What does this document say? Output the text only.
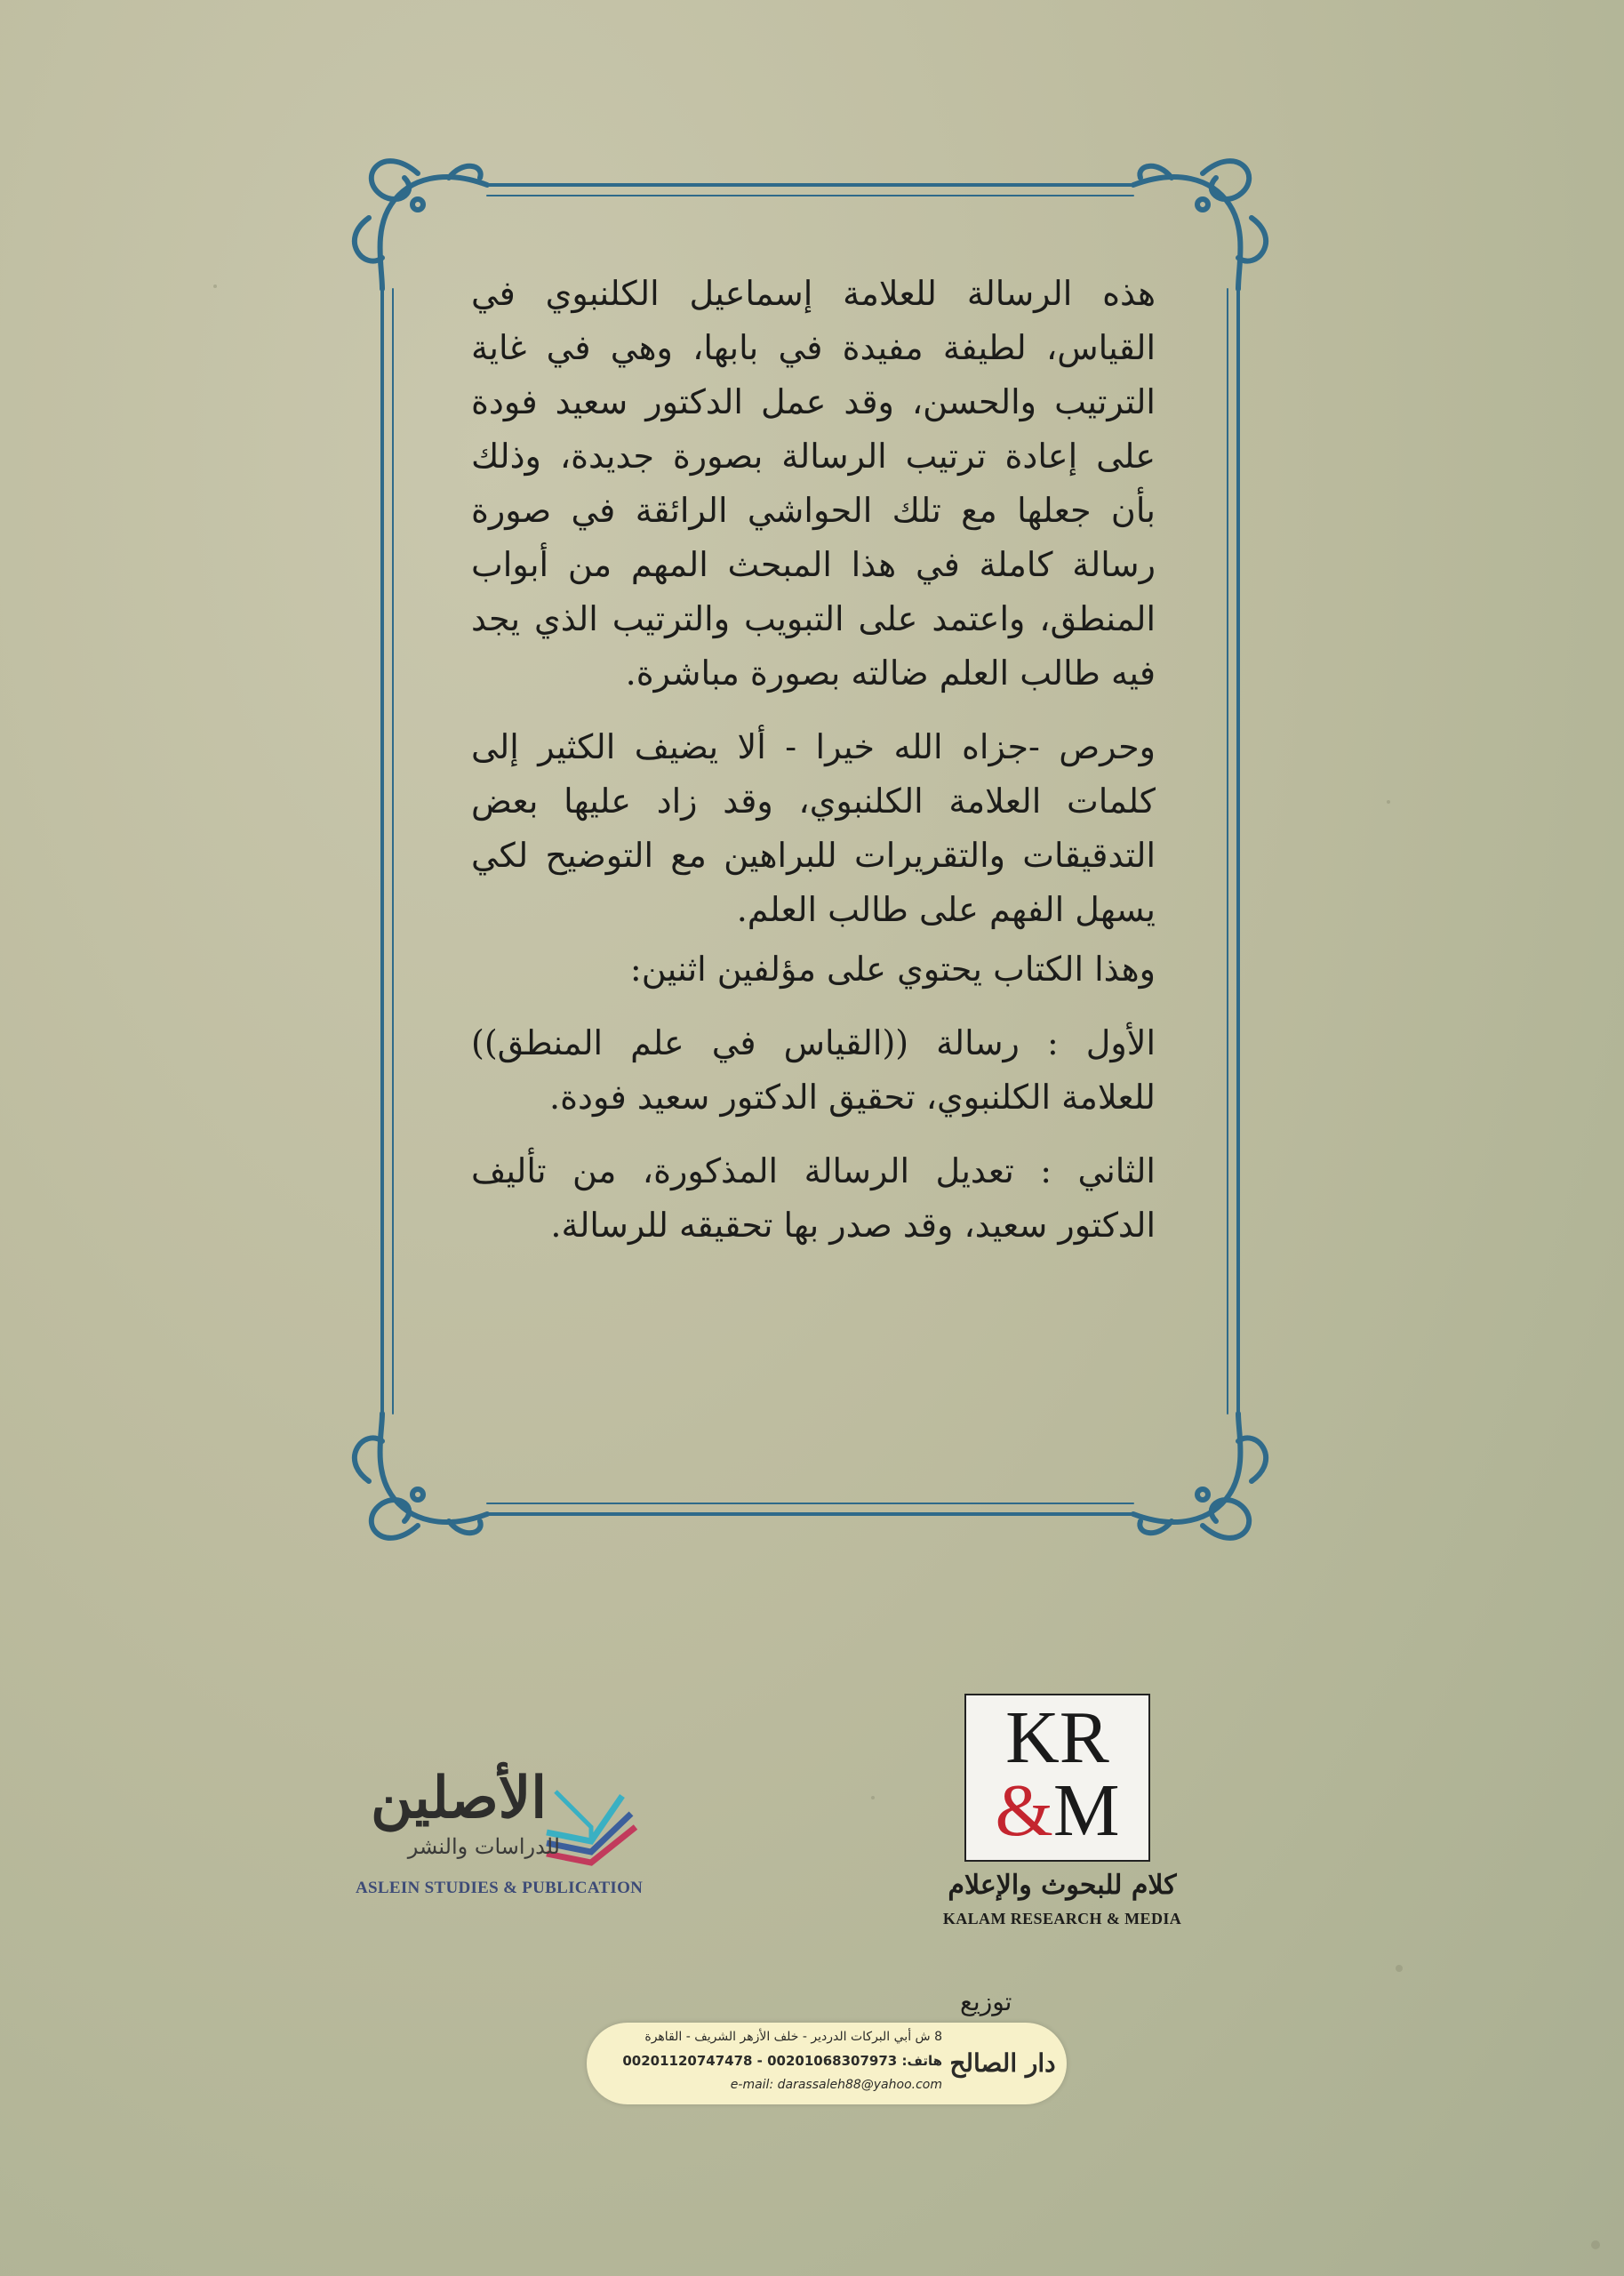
هذه الرسالة للعلامة إسماعيل الكلنبوي في القياس، لطيفة مفيدة في بابها، وهي في غاية الترتيب والحسن، وقد عمل الدكتور سعيد فودة على إعادة ترتيب الرسالة بصورة جديدة، وذلك بأن جعلها مع تلك الحواشي الرائقة في صورة رسالة كاملة في هذا المبحث المهم من أبواب المنطق، واعتمد على التبويب والترتيب الذي يجد فيه طالب العلم ضالته بصورة مباشرة.

وحرص -جزاه الله خيرا - ألا يضيف الكثير إلى كلمات العلامة الكلنبوي، وقد زاد عليها بعض التدقيقات والتقريرات للبراهين مع التوضيح لكي يسهل الفهم على طالب العلم.

وهذا الكتاب يحتوي على مؤلفين اثنين:

الأول : رسالة ((القياس في علم المنطق)) للعلامة الكلنبوي، تحقيق الدكتور سعيد فودة.

الثاني : تعديل الرسالة المذكورة، من تأليف الدكتور سعيد، وقد صدر بها تحقيقه للرسالة.

الأصلين
للدراسات والنشر
ASLEIN STUDIES & PUBLICATION
KR
&M
كلام للبحوث والإعلام
KALAM RESEARCH & MEDIA
توزيع
دار الصالح
8 ش أبي البركات الدردير - خلف الأزهر الشريف - القاهرة
هاتف: 00201068307973 - 00201120747478
e-mail: darassaleh88@yahoo.com
